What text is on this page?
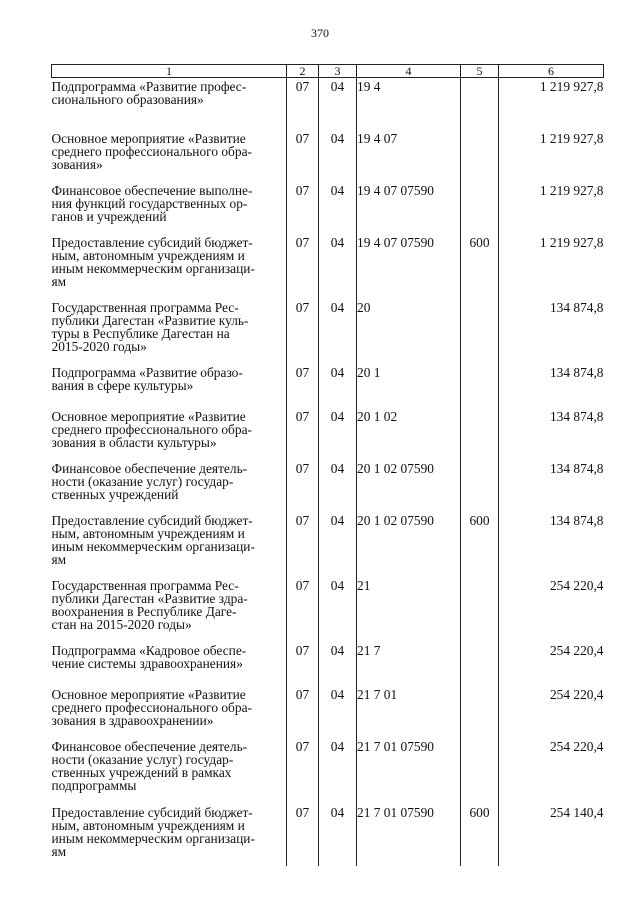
370
1	2	3	4	5	6
Подпрограмма «Развитие профес-
сионального образования»	07	04	19 4		1 219 927,8
Основное мероприятие «Развитие
среднего профессионального обра-
зования»	07	04	19 4 07		1 219 927,8
Финансовое обеспечение выполне-
ния функций государственных ор-
ганов и учреждений	07	04	19 4 07 07590		1 219 927,8
Предоставление субсидий бюджет-
ным, автономным учреждениям и
иным некоммерческим организаци-
ям	07	04	19 4 07 07590	600	1 219 927,8
Государственная программа Рес-
публики Дагестан «Развитие куль-
туры в Республике Дагестан на
2015-2020 годы»	07	04	20		134 874,8
Подпрограмма «Развитие образо-
вания в сфере культуры»	07	04	20 1		134 874,8
Основное мероприятие «Развитие
среднего профессионального обра-
зования в области культуры»	07	04	20 1 02		134 874,8
Финансовое обеспечение деятель-
ности (оказание услуг) государ-
ственных учреждений	07	04	20 1 02 07590		134 874,8
Предоставление субсидий бюджет-
ным, автономным учреждениям и
иным некоммерческим организаци-
ям	07	04	20 1 02 07590	600	134 874,8
Государственная программа Рес-
публики Дагестан «Развитие здра-
воохранения в Республике Даге-
стан на 2015-2020 годы»	07	04	21		254 220,4
Подпрограмма «Кадровое обеспе-
чение системы здравоохранения»	07	04	21 7		254 220,4
Основное мероприятие «Развитие
среднего профессионального обра-
зования в здравоохранении»	07	04	21 7 01		254 220,4
Финансовое обеспечение деятель-
ности (оказание услуг) государ-
ственных учреждений в рамках
подпрограммы	07	04	21 7 01 07590		254 220,4
Предоставление субсидий бюджет-
ным, автономным учреждениям и
иным некоммерческим организаци-
ям	07	04	21 7 01 07590	600	254 140,4
